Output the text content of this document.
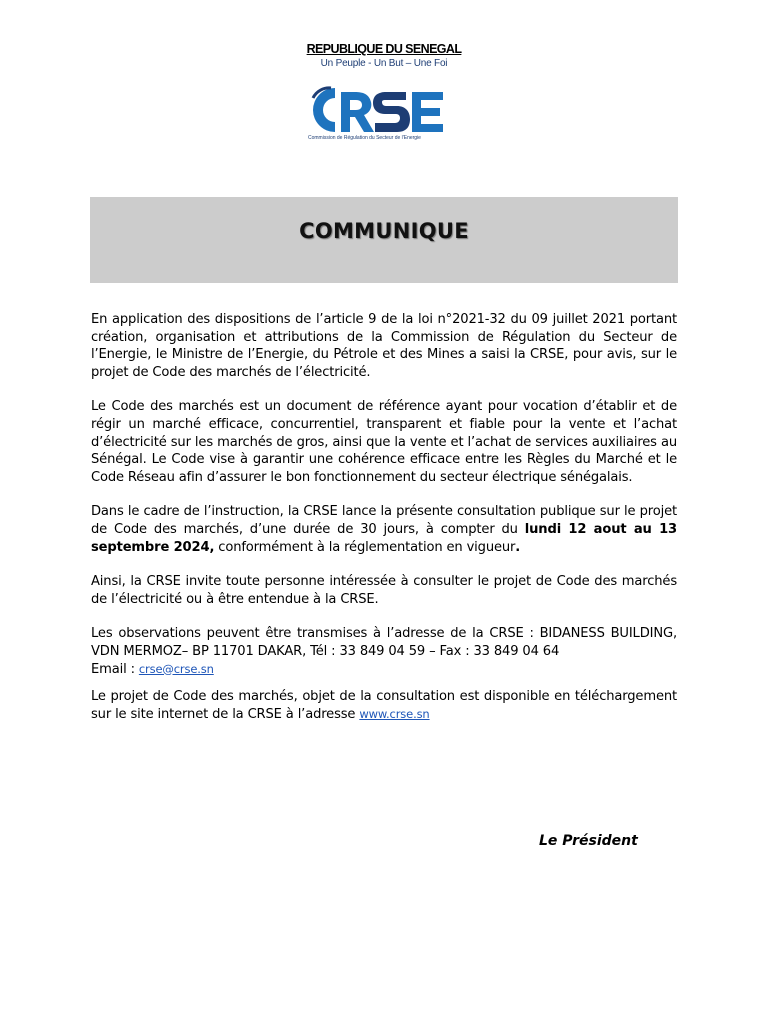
REPUBLIQUE DU SENEGAL
Un Peuple - Un But – Une Foi
Commission de Régulation du Secteur de l'Energie
COMMUNIQUE

En application des dispositions de l’article 9 de la loi n°2021-32 du 09 juillet 2021 portant création, organisation et attributions de la Commission de Régulation du Secteur de l’Energie, le Ministre de l’Energie, du Pétrole et des Mines a saisi la CRSE, pour avis, sur le projet de Code des marchés de l’électricité.

Le Code des marchés est un document de référence ayant pour vocation d’établir et de régir un marché efficace, concurrentiel, transparent et fiable pour la vente et l’achat d’électricité sur les marchés de gros, ainsi que la vente et l’achat de services auxiliaires au Sénégal. Le Code vise à garantir une cohérence efficace entre les Règles du Marché et le Code Réseau afin d’assurer le bon fonctionnement du secteur électrique sénégalais.

Dans le cadre de l’instruction, la CRSE lance la présente consultation publique sur le projet de Code des marchés, d’une durée de 30 jours, à compter du lundi 12 aout au 13 septembre 2024, conformément à la réglementation en vigueur.

Ainsi, la CRSE invite toute personne intéressée à consulter le projet de Code des marchés de l’électricité ou à être entendue à la CRSE.

Les observations peuvent être transmises à l’adresse de la CRSE : BIDANESS BUILDING, VDN MERMOZ– BP 11701 DAKAR, Tél : 33 849 04 59 – Fax : 33 849 04 64
Email : crse@crse.sn

Le projet de Code des marchés, objet de la consultation est disponible en téléchargement sur le site internet de la CRSE à l’adresse www.crse.sn

Le Président
